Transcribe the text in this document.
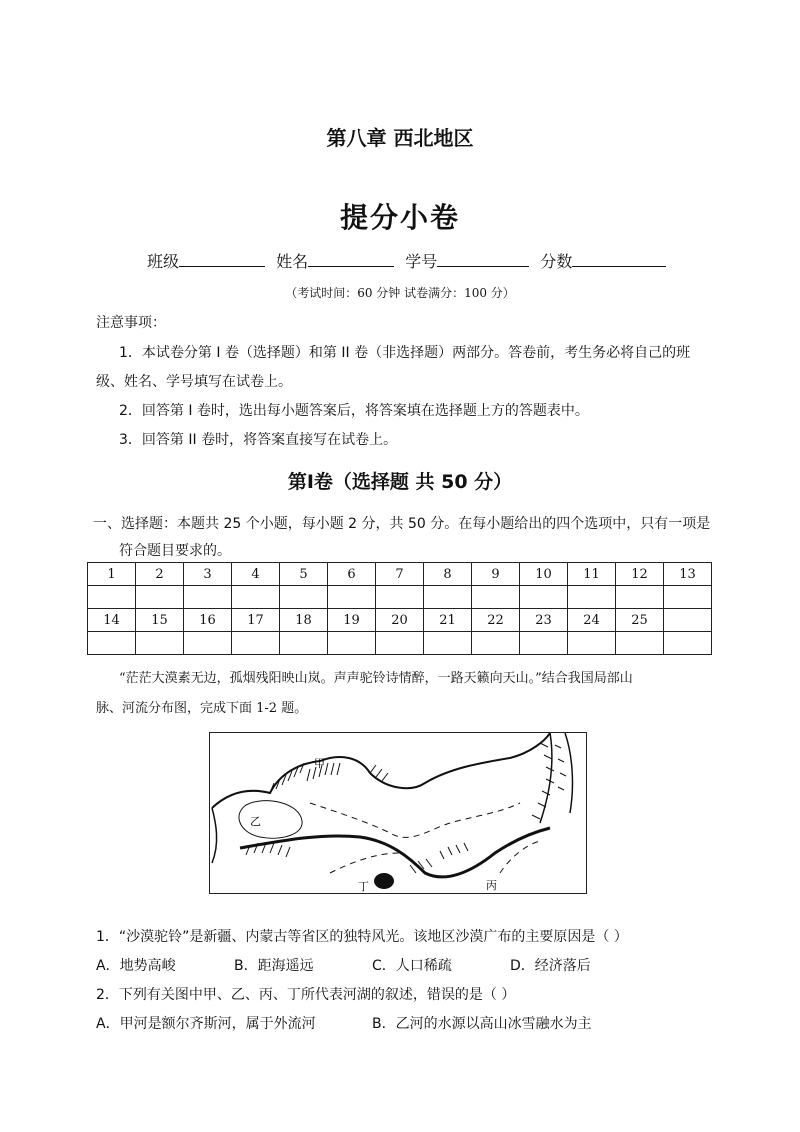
第八章 西北地区
提分小卷
班级	姓名	学号	分数
（考试时间：60 分钟 试卷满分：100 分）
注意事项：
1．本试卷分第 I 卷（选择题）和第 II 卷（非选择题）两部分。答卷前，考生务必将自己的班
级、姓名、学号填写在试卷上。
2．回答第 I 卷时，选出每小题答案后，将答案填在选择题上方的答题表中。
3．回答第 II 卷时，将答案直接写在试卷上。
第I卷（选择题 共 50 分）
一、选择题：本题共 25 个小题，每小题 2 分，共 50 分。在每小题给出的四个选项中，只有一项是
符合题目要求的。
1	2	3	4	5	6	7	8	9	10	11	12	13

14	15	16	17	18	19	20	21	22	23	24	25	

“茫茫大漠素无边，孤烟残阳映山岚。声声驼铃诗情醉，一路天籁向天山。”结合我国局部山
脉、河流分布图，完成下面 1-2 题。
甲
乙
丙
丁
1．“沙漠驼铃”是新疆、内蒙古等省区的独特风光。该地区沙漠广布的主要原因是（ ）
A．地势高峻	B．距海遥远	C．人口稀疏	D．经济落后
2．下列有关图中甲、乙、丙、丁所代表河湖的叙述，错误的是（ ）
A．甲河是额尔齐斯河，属于外流河	B．乙河的水源以高山冰雪融水为主
